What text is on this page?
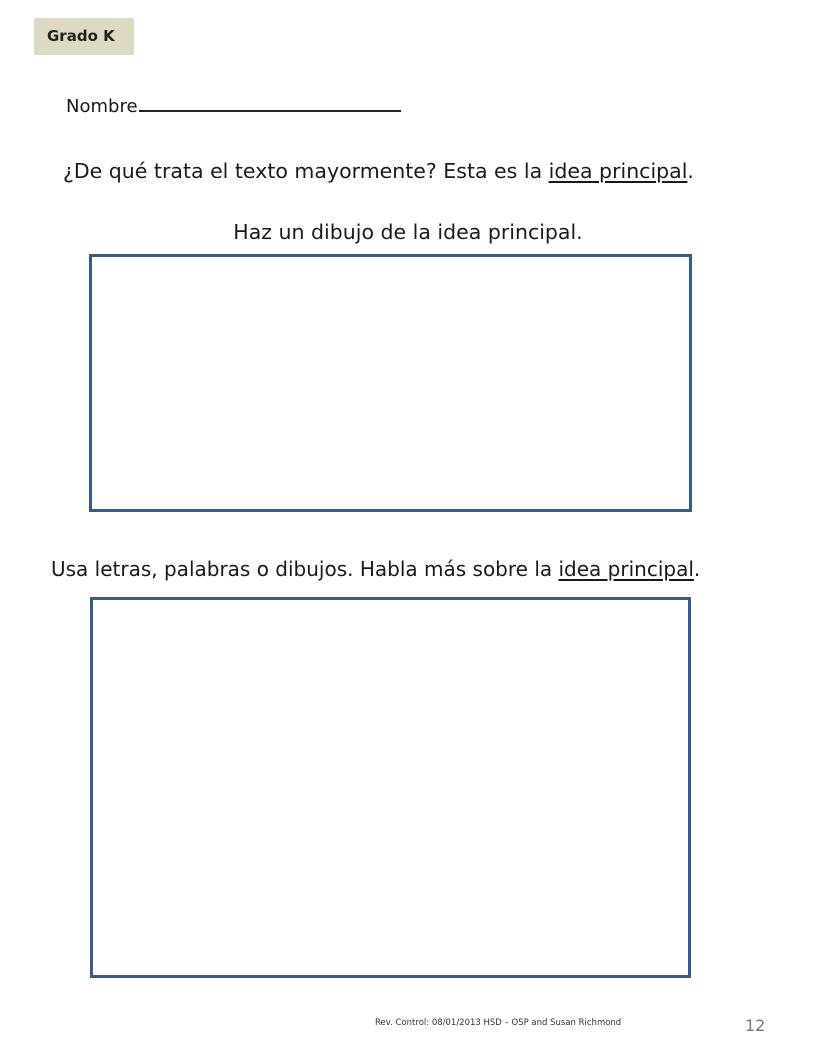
Grado K
Nombre
¿De qué trata el texto mayormente? Esta es la idea principal.
Haz un dibujo de la idea principal.
Usa letras, palabras o dibujos. Habla más sobre la idea principal.
Rev. Control: 08/01/2013 HSD – OSP and Susan Richmond	12
